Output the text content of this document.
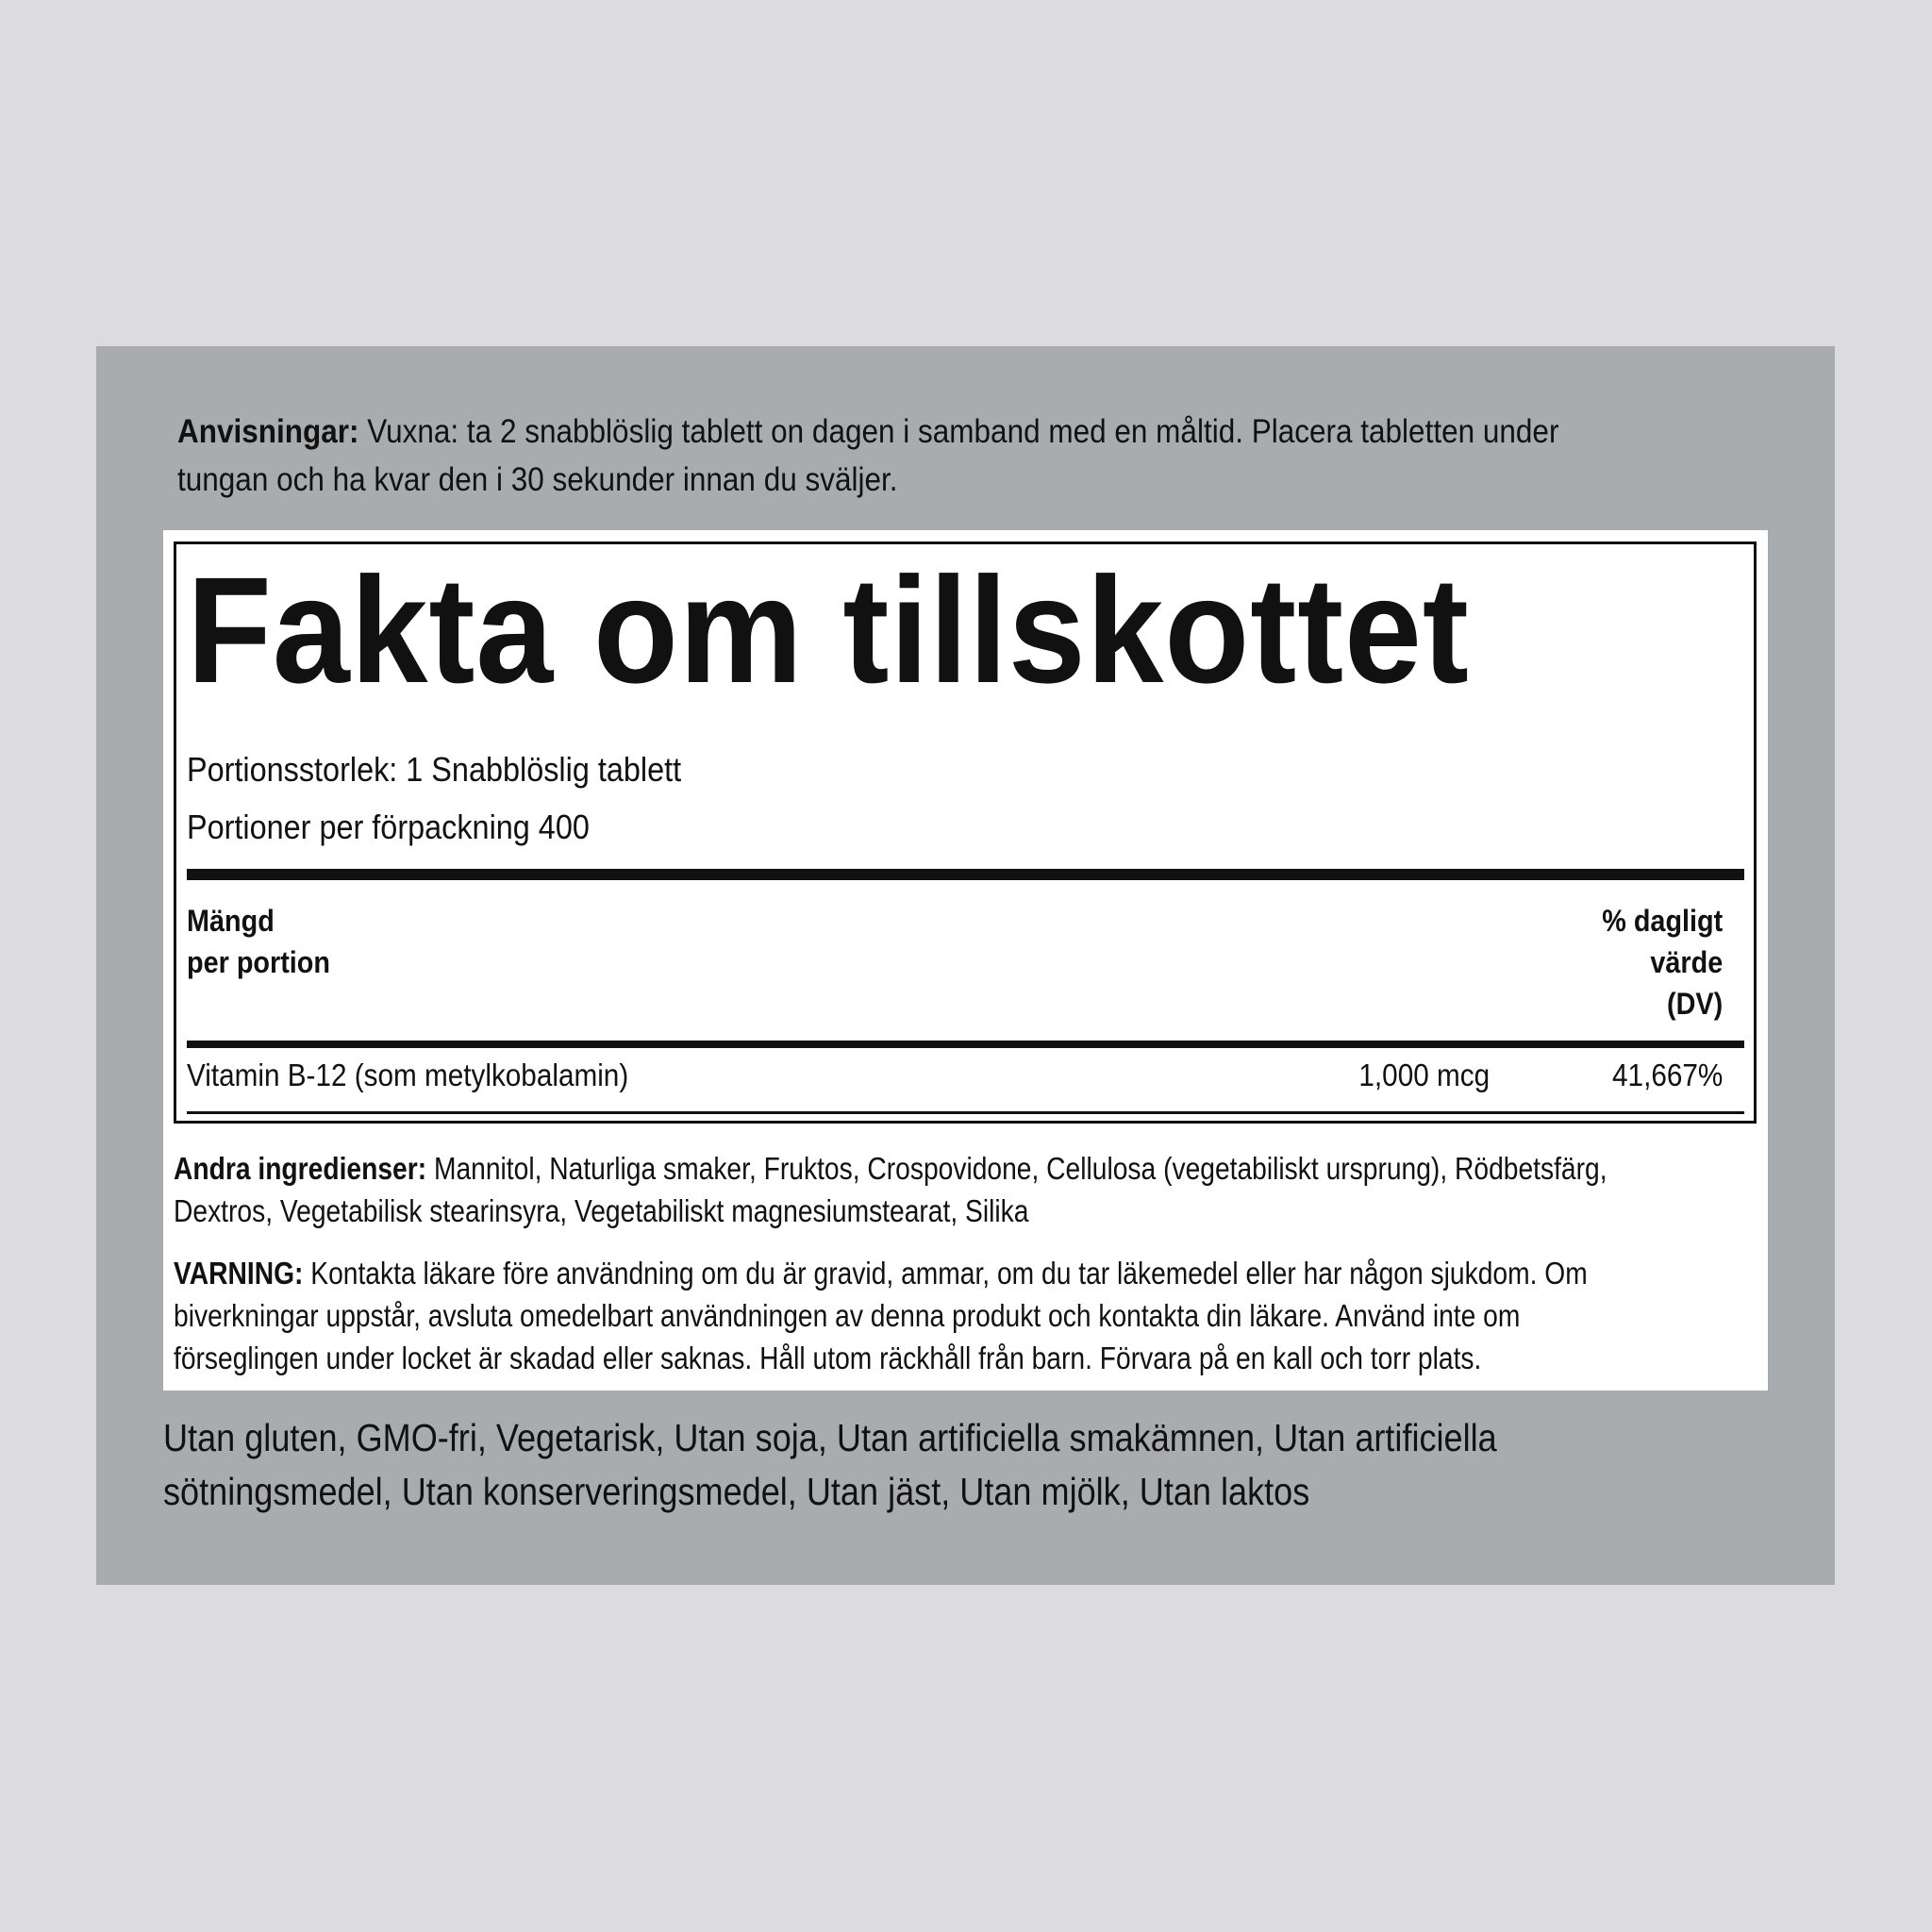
Anvisningar: Vuxna: ta 2 snabblöslig tablett on dagen i samband med en måltid. Placera tabletten under
tungan och ha kvar den i 30 sekunder innan du sväljer.
Fakta om tillskottet
Portionsstorlek: 1 Snabblöslig tablett
Portioner per förpackning 400
Mängd
per portion
% dagligt
värde
(DV)
Vitamin B-12 (som metylkobalamin)	1,000 mcg	41,667%
Andra ingredienser: Mannitol, Naturliga smaker, Fruktos, Crospovidone, Cellulosa (vegetabiliskt ursprung), Rödbetsfärg,
Dextros, Vegetabilisk stearinsyra, Vegetabiliskt magnesiumstearat, Silika
VARNING: Kontakta läkare före användning om du är gravid, ammar, om du tar läkemedel eller har någon sjukdom. Om
biverkningar uppstår, avsluta omedelbart användningen av denna produkt och kontakta din läkare. Använd inte om
förseglingen under locket är skadad eller saknas. Håll utom räckhåll från barn. Förvara på en kall och torr plats.
Utan gluten, GMO-fri, Vegetarisk, Utan soja, Utan artificiella smakämnen, Utan artificiella
sötningsmedel, Utan konserveringsmedel, Utan jäst, Utan mjölk, Utan laktos
